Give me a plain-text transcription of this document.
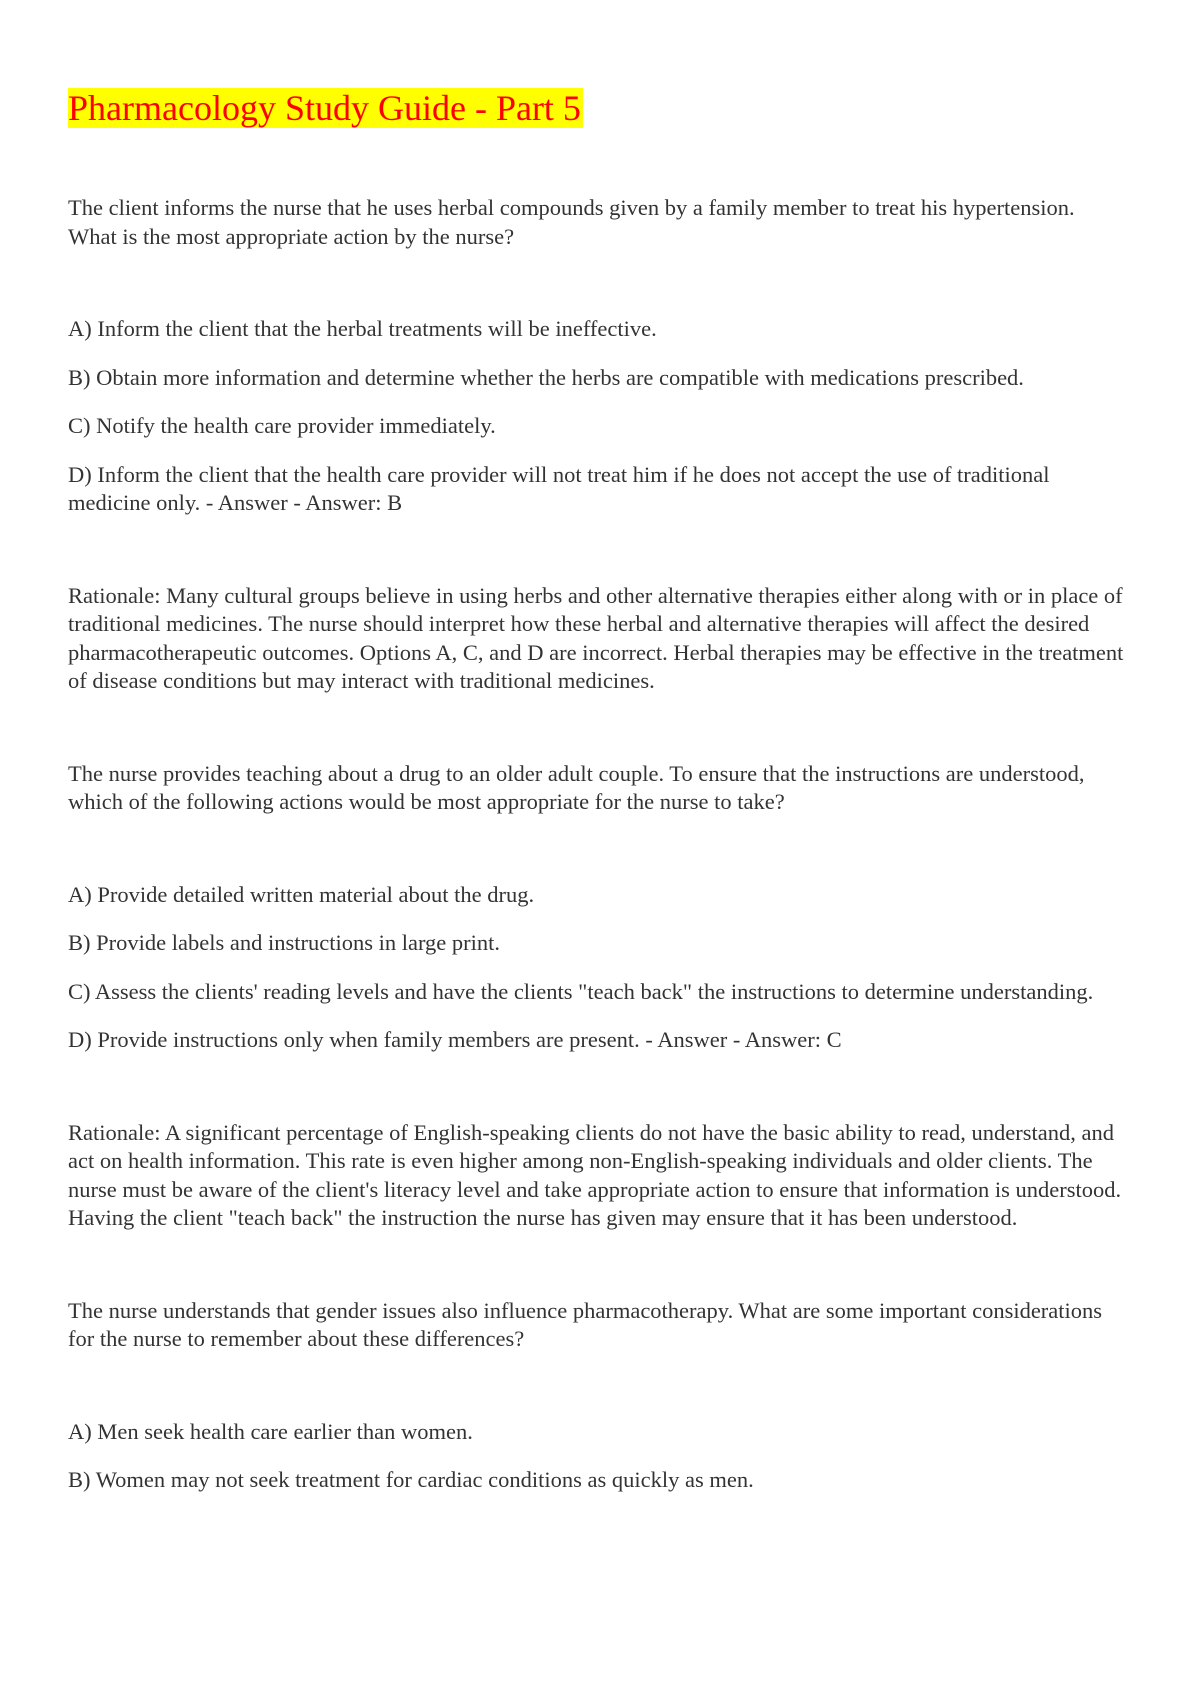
Pharmacology Study Guide - Part 5

The client informs the nurse that he uses herbal compounds given by a family member to treat his hypertension. What is the most appropriate action by the nurse?

A) Inform the client that the herbal treatments will be ineffective.

B) Obtain more information and determine whether the herbs are compatible with medications prescribed.

C) Notify the health care provider immediately.

D) Inform the client that the health care provider will not treat him if he does not accept the use of traditional medicine only. - Answer - Answer: B

Rationale: Many cultural groups believe in using herbs and other alternative therapies either along with or in place of traditional medicines. The nurse should interpret how these herbal and alternative therapies will affect the desired pharmacotherapeutic outcomes. Options A, C, and D are incorrect. Herbal therapies may be effective in the treatment of disease conditions but may interact with traditional medicines.

The nurse provides teaching about a drug to an older adult couple. To ensure that the instructions are understood, which of the following actions would be most appropriate for the nurse to take?

A) Provide detailed written material about the drug.

B) Provide labels and instructions in large print.

C) Assess the clients' reading levels and have the clients "teach back" the instructions to determine understanding.

D) Provide instructions only when family members are present. - Answer - Answer: C

Rationale: A significant percentage of English-speaking clients do not have the basic ability to read, understand, and act on health information. This rate is even higher among non-English-speaking individuals and older clients. The nurse must be aware of the client's literacy level and take appropriate action to ensure that information is understood. Having the client "teach back" the instruction the nurse has given may ensure that it has been understood.

The nurse understands that gender issues also influence pharmacotherapy. What are some important considerations for the nurse to remember about these differences?

A) Men seek health care earlier than women.

B) Women may not seek treatment for cardiac conditions as quickly as men.
